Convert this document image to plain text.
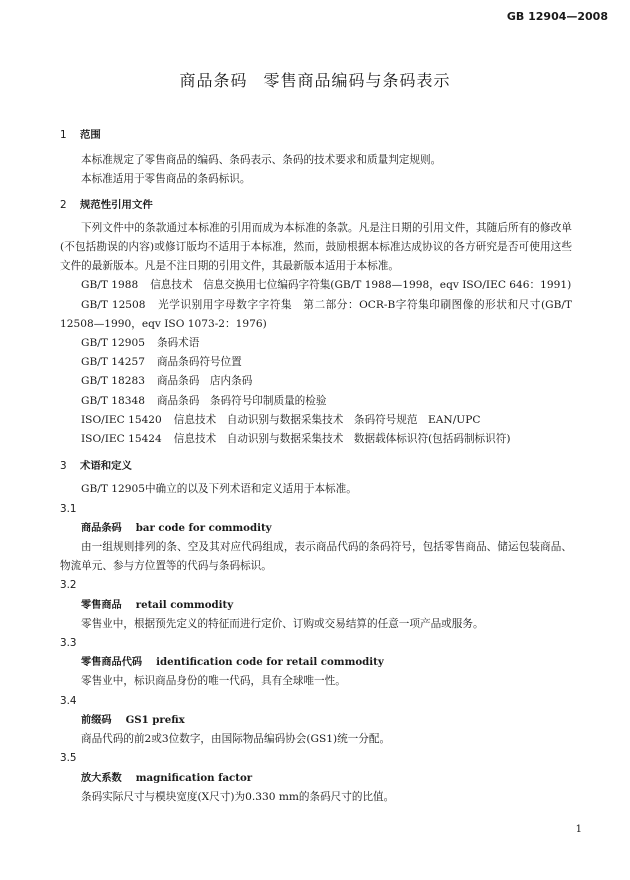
GB 12904—2008
商品条码 零售商品编码与条码表示
1 范围
本标准规定了零售商品的编码、条码表示、条码的技术要求和质量判定规则。
本标准适用于零售商品的条码标识。
2 规范性引用文件
下列文件中的条款通过本标准的引用而成为本标准的条款。凡是注日期的引用文件，其随后所有的修改单(不包括勘误的内容)或修订版均不适用于本标准，然而，鼓励根据本标准达成协议的各方研究是否可使用这些文件的最新版本。凡是不注日期的引用文件，其最新版本适用于本标准。
GB/T 1988 信息技术　信息交换用七位编码字符集(GB/T 1988—1998，eqv ISO/IEC 646：1991)
GB/T 12508 光学识别用字母数字字符集　第二部分：OCR-B字符集印刷图像的形状和尺寸(GB/T 12508—1990，eqv ISO 1073-2：1976)
GB/T 12905 条码术语
GB/T 14257 商品条码符号位置
GB/T 18283 商品条码　店内条码
GB/T 18348 商品条码　条码符号印制质量的检验
ISO/IEC 15420 信息技术　自动识别与数据采集技术　条码符号规范　EAN/UPC
ISO/IEC 15424 信息技术　自动识别与数据采集技术　数据载体标识符(包括码制标识符)
3 术语和定义
GB/T 12905中确立的以及下列术语和定义适用于本标准。
3.1
商品条码 bar code for commodity
由一组规则排列的条、空及其对应代码组成，表示商品代码的条码符号，包括零售商品、储运包装商品、物流单元、参与方位置等的代码与条码标识。
3.2
零售商品 retail commodity
零售业中，根据预先定义的特征而进行定价、订购或交易结算的任意一项产品或服务。
3.3
零售商品代码 identification code for retail commodity
零售业中，标识商品身份的唯一代码，具有全球唯一性。
3.4
前缀码 GS1 prefix
商品代码的前2或3位数字，由国际物品编码协会(GS1)统一分配。
3.5
放大系数 magnification factor
条码实际尺寸与模块宽度(X尺寸)为0.330 mm的条码尺寸的比值。
1
